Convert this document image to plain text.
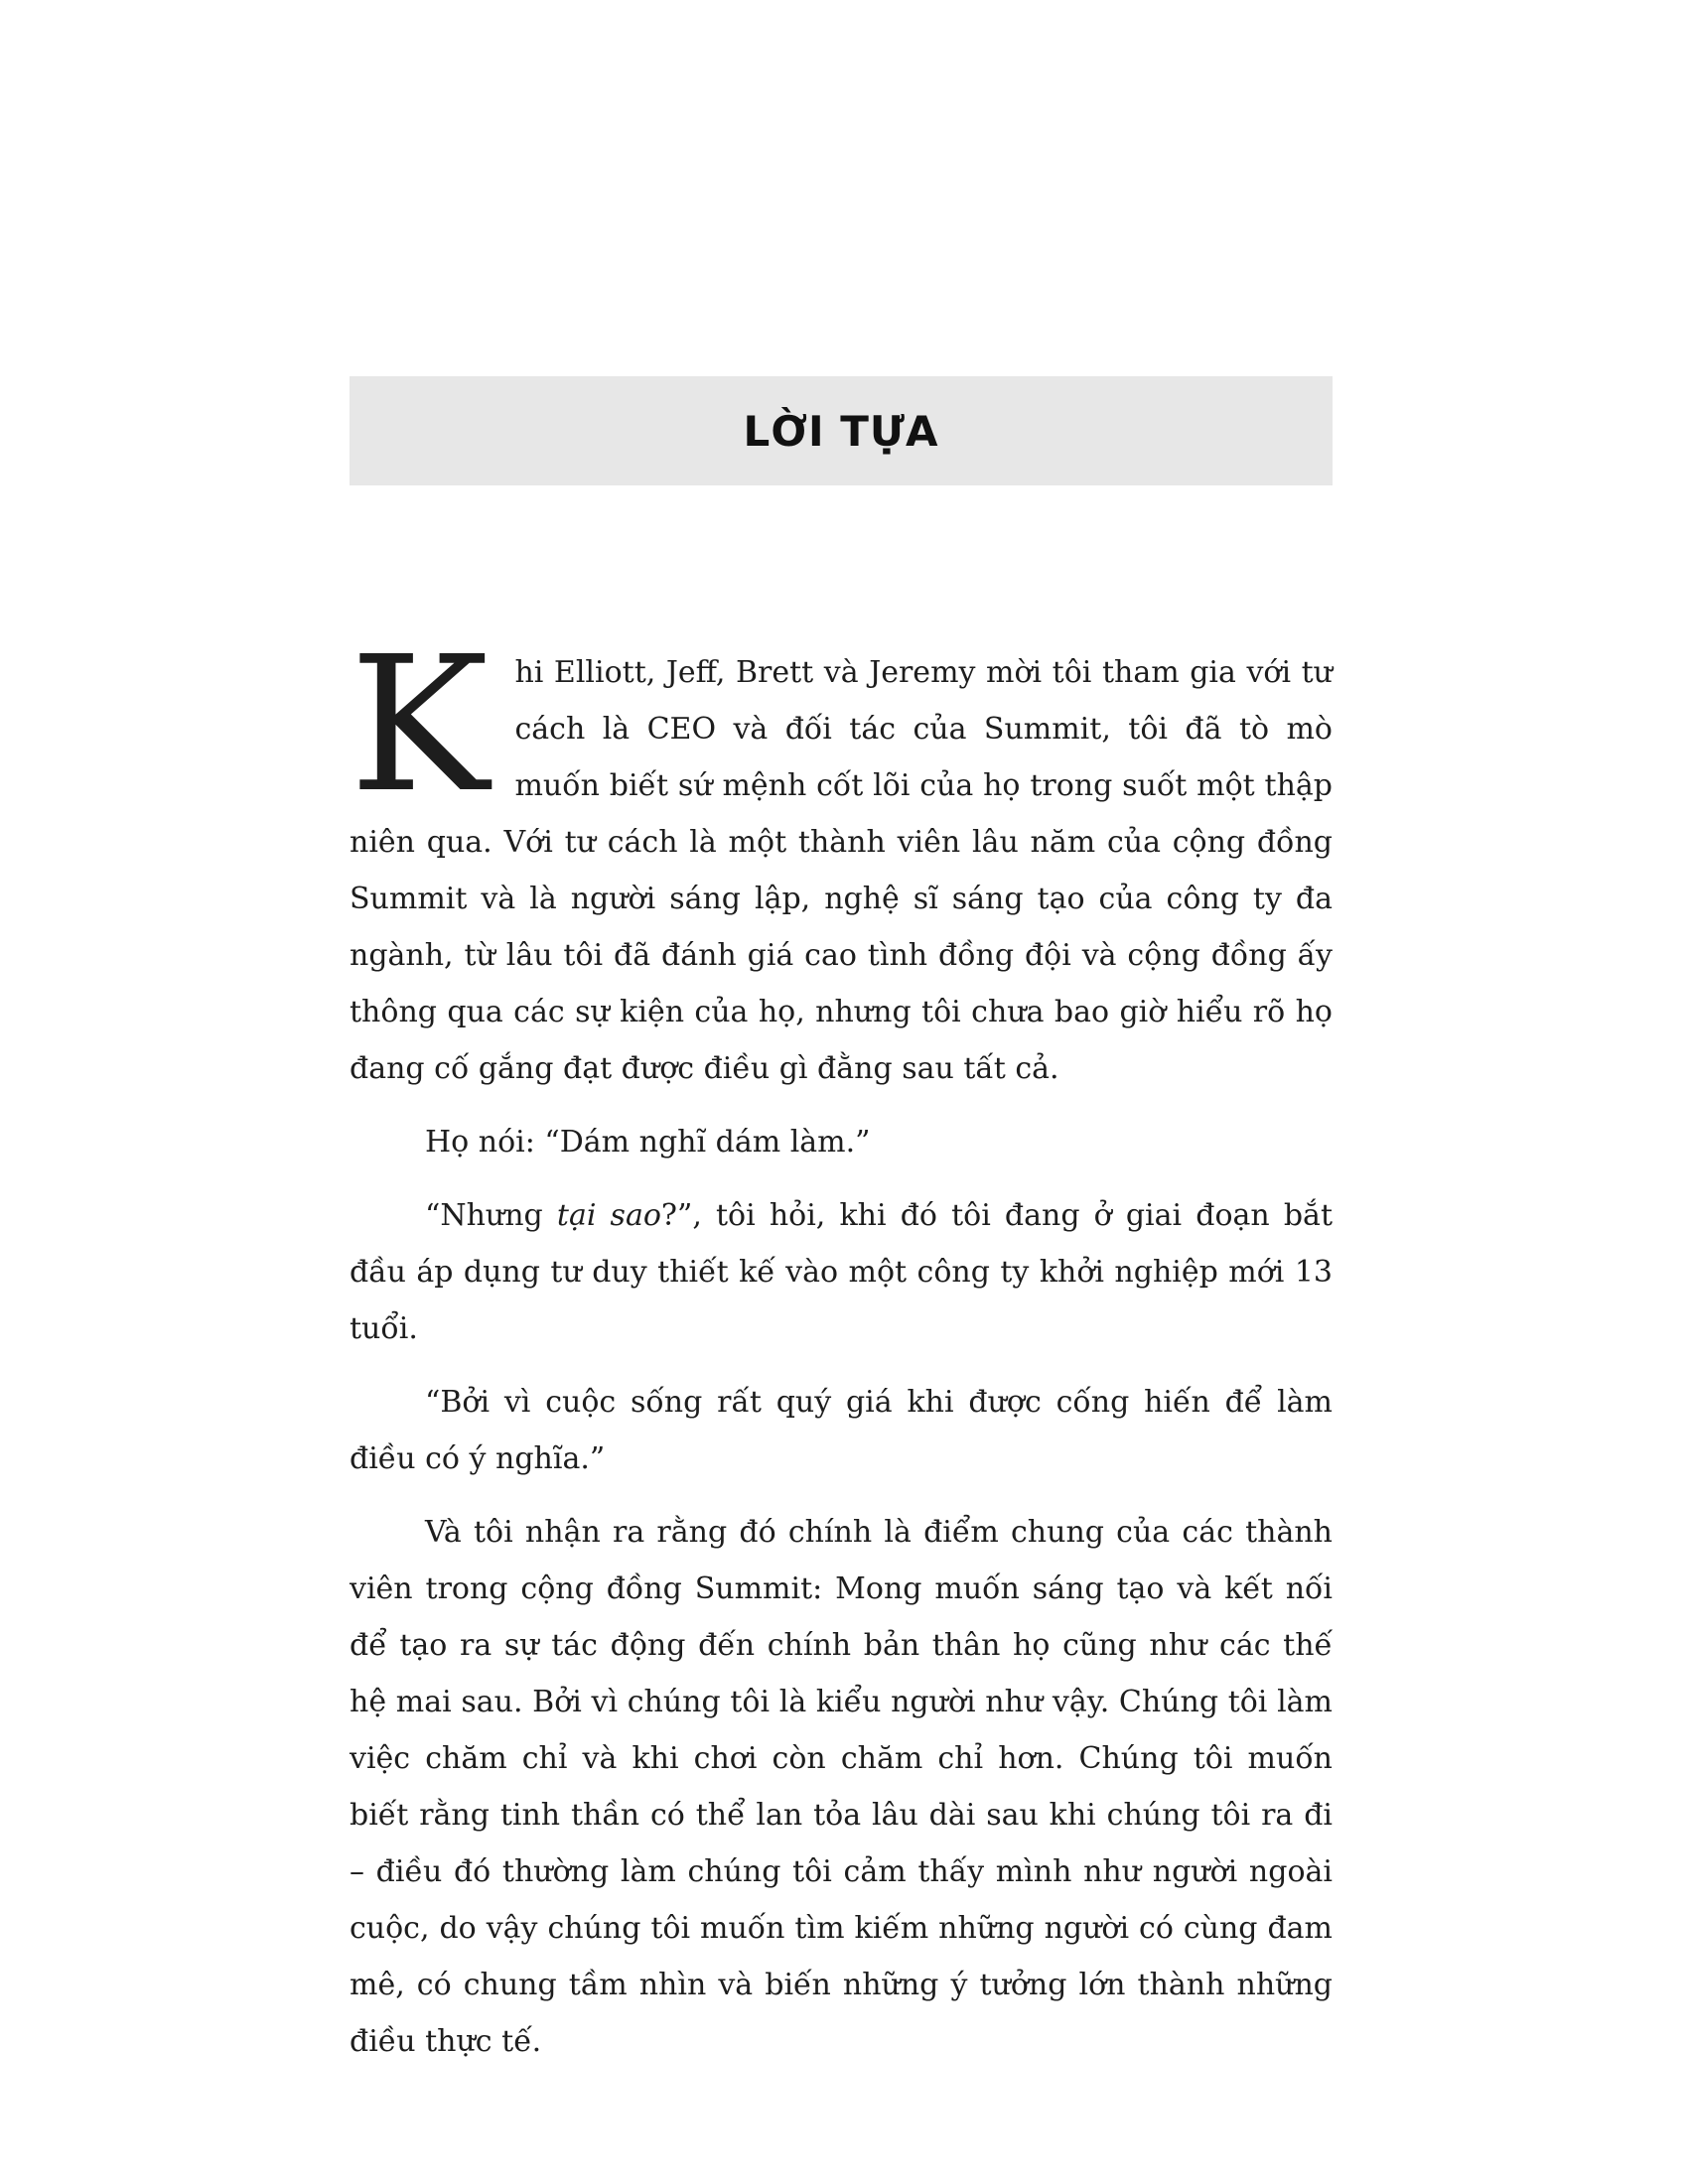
LỜI TỰA

Khi Elliott, Jeff, Brett và Jeremy mời tôi tham gia với tư cách là CEO và đối tác của Summit, tôi đã tò mò muốn biết sứ mệnh cốt lõi của họ trong suốt một thập niên qua. Với tư cách là một thành viên lâu năm của cộng đồng Summit và là người sáng lập, nghệ sĩ sáng tạo của công ty đa ngành, từ lâu tôi đã đánh giá cao tình đồng đội và cộng đồng ấy thông qua các sự kiện của họ, nhưng tôi chưa bao giờ hiểu rõ họ đang cố gắng đạt được điều gì đằng sau tất cả.

Họ nói: “Dám nghĩ dám làm.”

“Nhưng tại sao?”, tôi hỏi, khi đó tôi đang ở giai đoạn bắt đầu áp dụng tư duy thiết kế vào một công ty khởi nghiệp mới 13 tuổi.

“Bởi vì cuộc sống rất quý giá khi được cống hiến để làm điều có ý nghĩa.”

Và tôi nhận ra rằng đó chính là điểm chung của các thành viên trong cộng đồng Summit: Mong muốn sáng tạo và kết nối để tạo ra sự tác động đến chính bản thân họ cũng như các thế hệ mai sau. Bởi vì chúng tôi là kiểu người như vậy. Chúng tôi làm việc chăm chỉ và khi chơi còn chăm chỉ hơn. Chúng tôi muốn biết rằng tinh thần có thể lan tỏa lâu dài sau khi chúng tôi ra đi – điều đó thường làm chúng tôi cảm thấy mình như người ngoài cuộc, do vậy chúng tôi muốn tìm kiếm những người có cùng đam mê, có chung tầm nhìn và biến những ý tưởng lớn thành những điều thực tế.
